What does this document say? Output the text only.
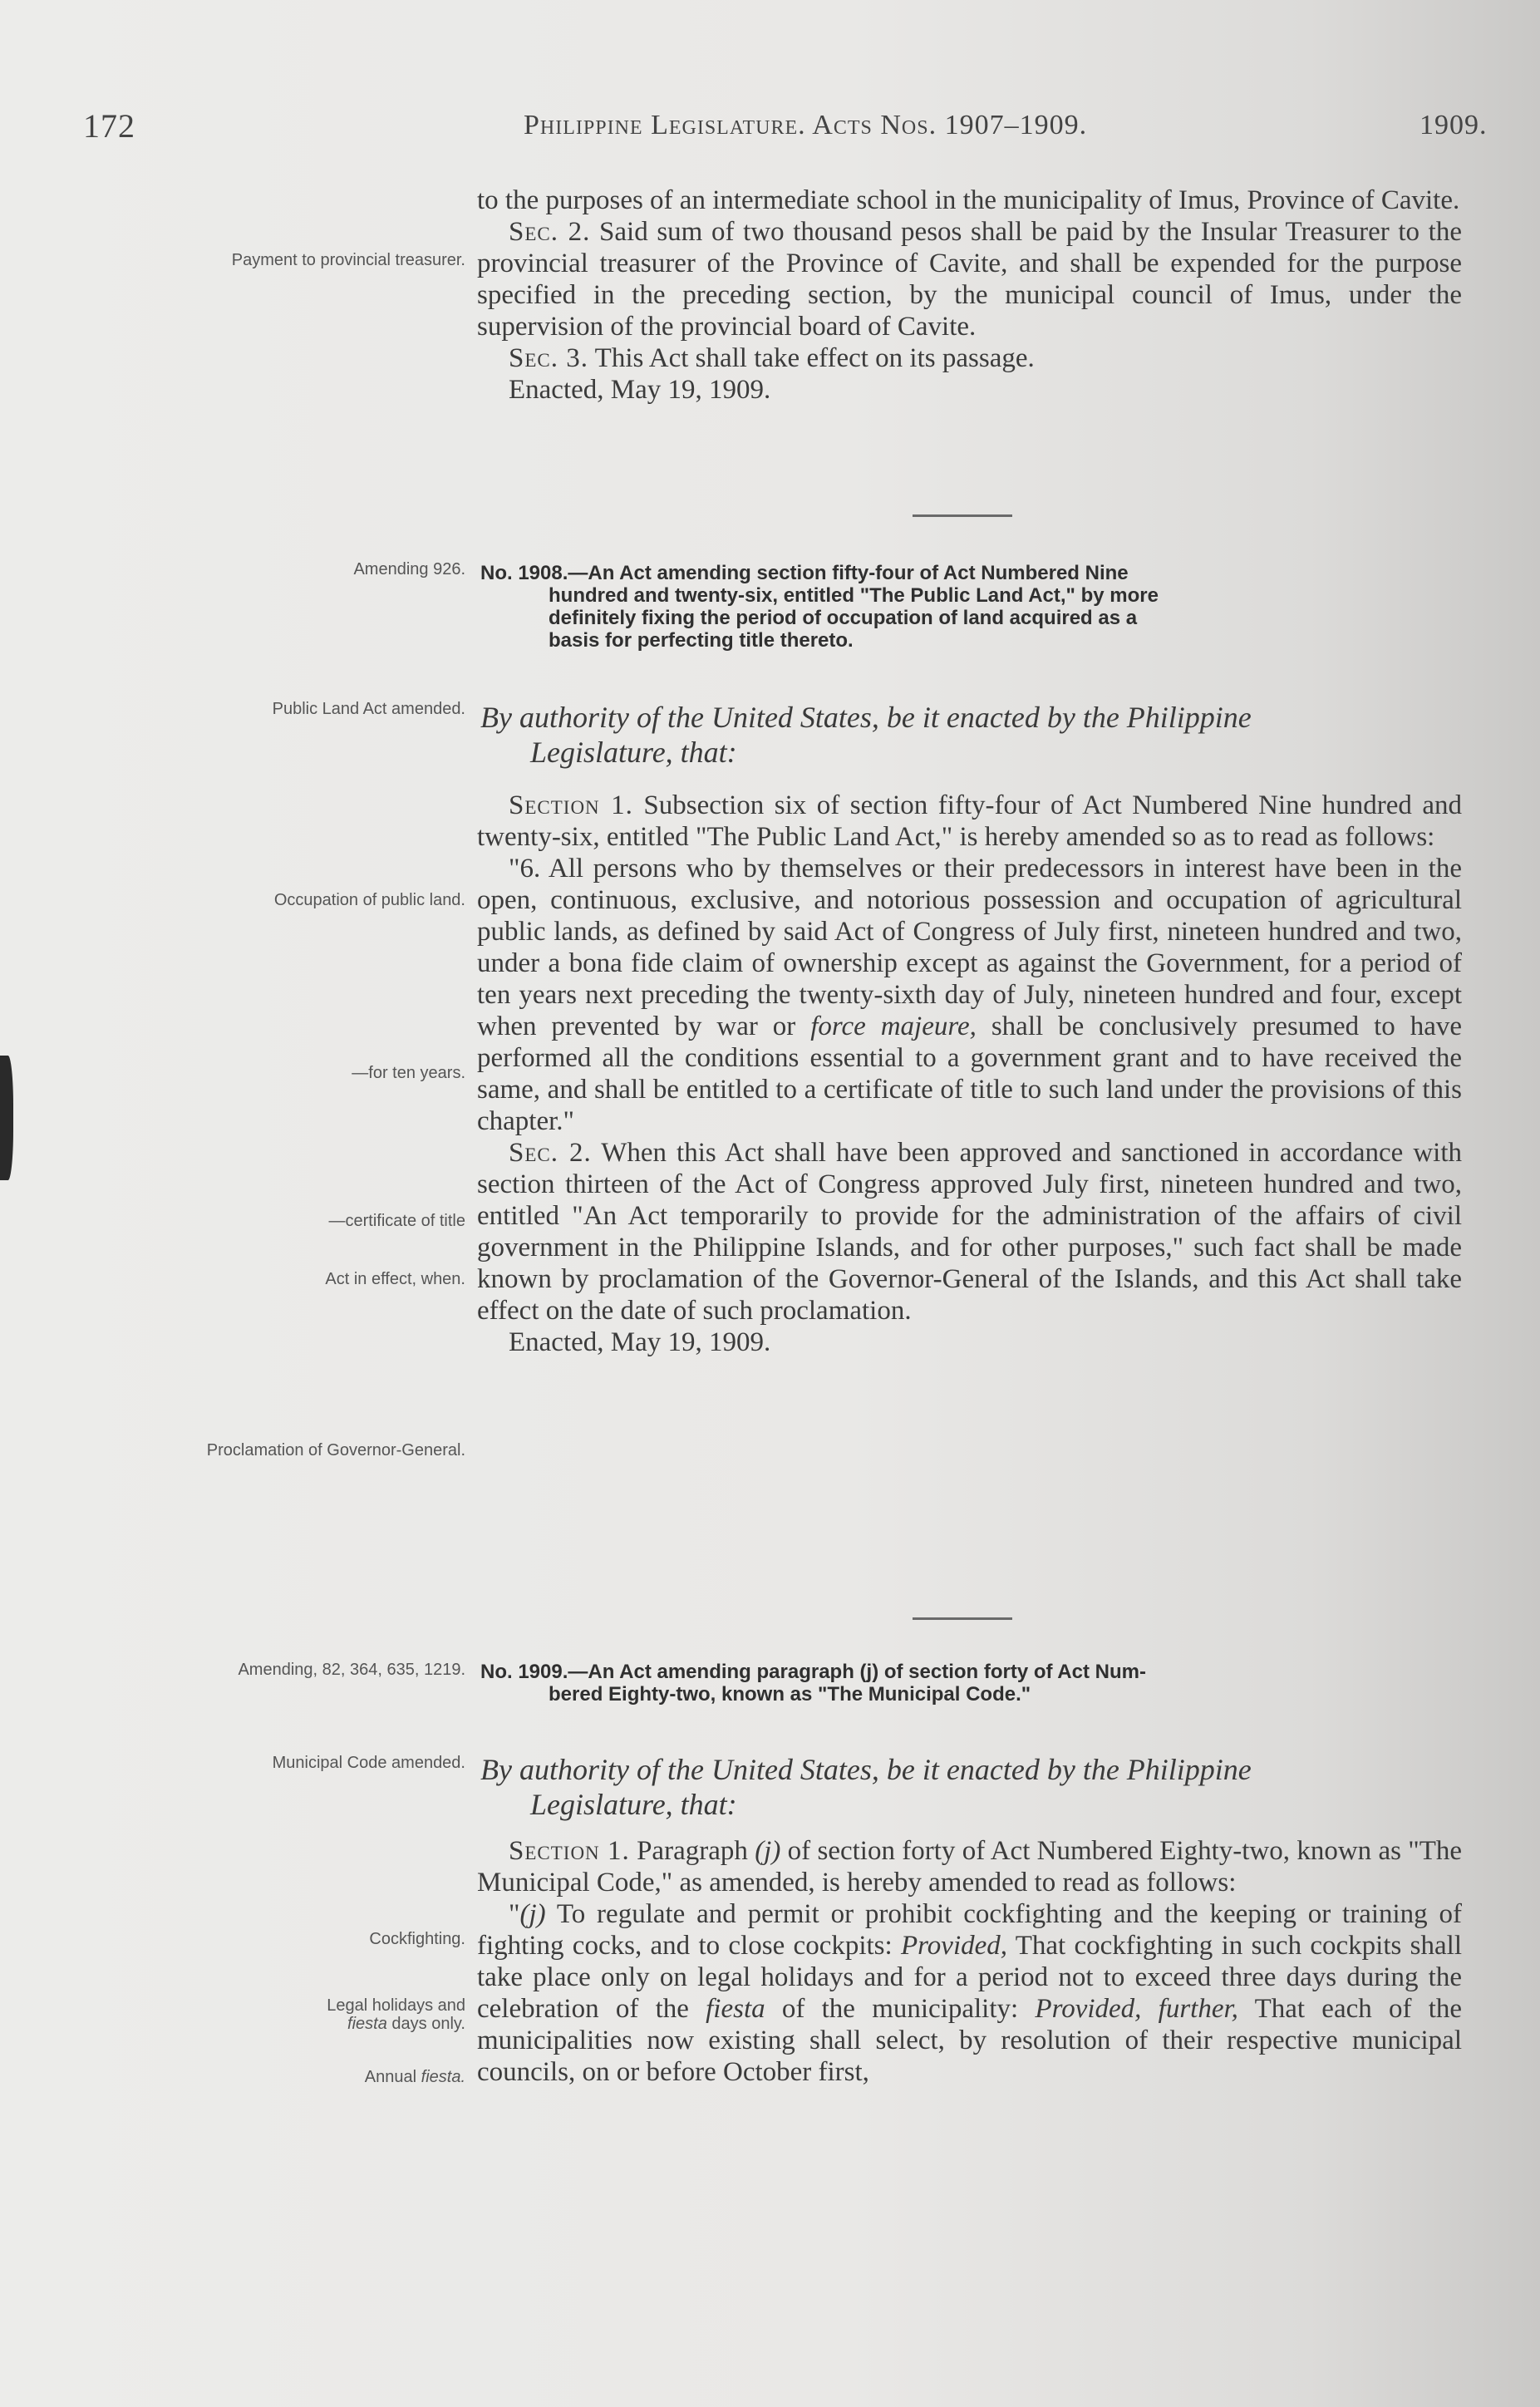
172	Philippine Legislature. Acts Nos. 1907–1909.	1909.

to the purposes of an intermediate school in the municipality of Imus, Province of Cavite.

Sec. 2. Said sum of two thousand pesos shall be paid by the Insular Treasurer to the provincial treasurer of the Province of Cavite, and shall be expended for the purpose specified in the preceding section, by the municipal council of Imus, under the supervision of the provincial board of Cavite.

Sec. 3. This Act shall take effect on its passage.

Enacted, May 19, 1909.

Payment to provincial treasurer.
Amending 926. No. 1908.—An Act amending section fifty-four of Act Numbered Nine
hundred and twenty-six, entitled "The Public Land Act," by more
definitely fixing the period of occupation of land acquired as a
basis for perfecting title thereto.
Public Land Act amended. By authority of the United States, be it enacted by the Philippine
Legislature, that:

Section 1. Subsection six of section fifty-four of Act Numbered Nine hundred and twenty-six, entitled "The Public Land Act," is hereby amended so as to read as follows:

"6. All persons who by themselves or their predecessors in interest have been in the open, continuous, exclusive, and notorious possession and occupation of agricultural public lands, as defined by said Act of Congress of July first, nineteen hundred and two, under a bona fide claim of ownership except as against the Government, for a period of ten years next preceding the twenty-sixth day of July, nineteen hundred and four, except when prevented by war or force majeure, shall be conclusively presumed to have performed all the conditions essential to a government grant and to have received the same, and shall be entitled to a certificate of title to such land under the provisions of this chapter."

Sec. 2. When this Act shall have been approved and sanctioned in accordance with section thirteen of the Act of Congress approved July first, nineteen hundred and two, entitled "An Act temporarily to provide for the administration of the affairs of civil government in the Philippine Islands, and for other purposes," such fact shall be made known by proclamation of the Governor-General of the Islands, and this Act shall take effect on the date of such proclamation.

Enacted, May 19, 1909.

Occupation of public land.
—for ten years.
—certificate of title
Act in effect, when.
Proclamation of Governor-General.
Amending, 82, 364, 635, 1219. No. 1909.—An Act amending paragraph (j) of section forty of Act Num-
bered Eighty-two, known as "The Municipal Code."
Municipal Code amended. By authority of the United States, be it enacted by the Philippine
Legislature, that:

Section 1. Paragraph (j) of section forty of Act Numbered Eighty-two, known as "The Municipal Code," as amended, is hereby amended to read as follows:

"(j) To regulate and permit or prohibit cockfighting and the keeping or training of fighting cocks, and to close cockpits: Provided, That cockfighting in such cockpits shall take place only on legal holidays and for a period not to exceed three days during the celebration of the fiesta of the municipality: Provided, further, That each of the municipalities now existing shall select, by resolution of their respective municipal councils, on or before October first,

Cockfighting.
Legal holidays and
fiesta days only.
Annual fiesta.
